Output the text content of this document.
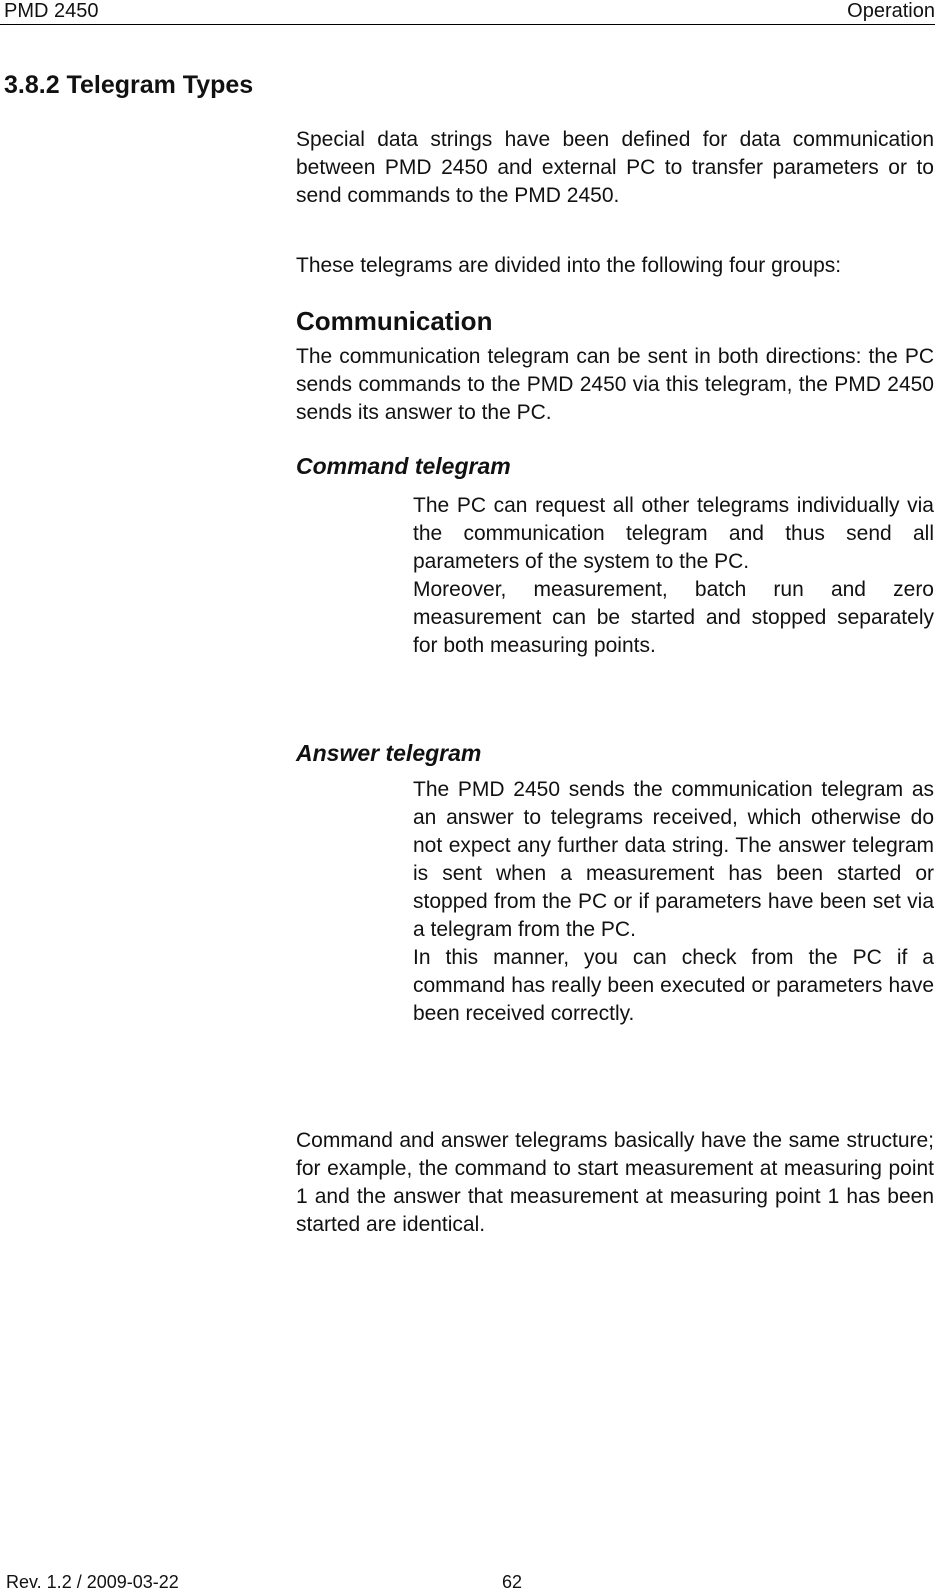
PMD 2450	Operation
3.8.2 Telegram Types

Special data strings have been defined for data communication between PMD 2450 and external PC to transfer parameters or to send commands to the PMD 2450.

These telegrams are divided into the following four groups:

Communication

The communication telegram can be sent in both directions: the PC sends commands to the PMD 2450 via this telegram, the PMD 2450 sends its answer to the PC.

Command telegram

The PC can request all other telegrams individually via the communication telegram and thus send all parameters of the system to the PC.

Moreover, measurement, batch run and zero measurement can be started and stopped separately for both measuring points.

Answer telegram

The PMD 2450 sends the communication telegram as an answer to telegrams received, which otherwise do not expect any further data string. The answer telegram is sent when a measurement has been started or stopped from the PC or if parameters have been set via a telegram from the PC.

In this manner, you can check from the PC if a command has really been executed or parameters have been received correctly.

Command and answer telegrams basically have the same structure; for example, the command to start measurement at measuring point 1 and the answer that measurement at measuring point 1 has been started are identical.

Rev. 1.2 / 2009-03-22	62
